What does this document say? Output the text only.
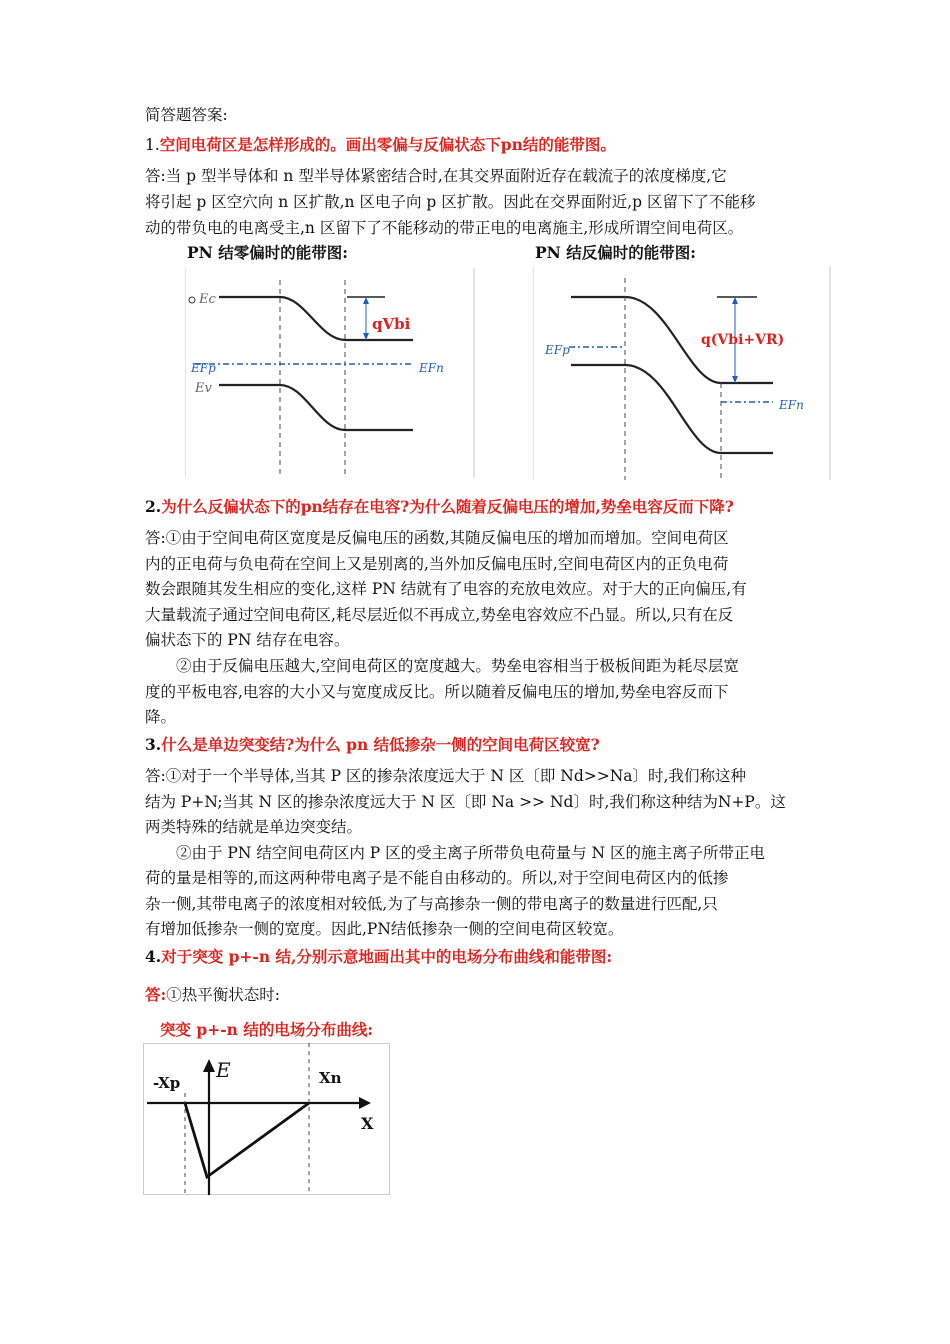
简答题答案:
1.空间电荷区是怎样形成的。画出零偏与反偏状态下pn结的能带图。
答:当 p 型半导体和 n 型半导体紧密结合时,在其交界面附近存在载流子的浓度梯度,它
将引起 p 区空穴向 n 区扩散,n 区电子向 p 区扩散。因此在交界面附近,p 区留下了不能移
动的带负电的电离受主,n 区留下了不能移动的带正电的电离施主,形成所谓空间电荷区。
PN 结零偏时的能带图:	PN 结反偏时的能带图:
Ec
EFp	EFn
Ev
qVbi
EFp
EFn
q(Vbi+VR)
2.为什么反偏状态下的pn结存在电容?为什么随着反偏电压的增加,势垒电容反而下降?
答:①由于空间电荷区宽度是反偏电压的函数,其随反偏电压的增加而增加。空间电荷区
内的正电荷与负电荷在空间上又是别离的,当外加反偏电压时,空间电荷区内的正负电荷
数会跟随其发生相应的变化,这样 PN 结就有了电容的充放电效应。对于大的正向偏压,有
大量载流子通过空间电荷区,耗尽层近似不再成立,势垒电容效应不凸显。所以,只有在反
偏状态下的 PN 结存在电容。
②由于反偏电压越大,空间电荷区的宽度越大。势垒电容相当于极板间距为耗尽层宽
度的平板电容,电容的大小又与宽度成反比。所以随着反偏电压的增加,势垒电容反而下
降。
3.什么是单边突变结?为什么 pn 结低掺杂一侧的空间电荷区较宽?
答:①对于一个半导体,当其 P 区的掺杂浓度远大于 N 区〔即 Nd>>Na〕时,我们称这种
结为 P+N;当其 N 区的掺杂浓度远大于 N 区〔即 Na >> Nd〕时,我们称这种结为N+P。这
两类特殊的结就是单边突变结。
②由于 PN 结空间电荷区内 P 区的受主离子所带负电荷量与 N 区的施主离子所带正电
荷的量是相等的,而这两种带电离子是不能自由移动的。所以,对于空间电荷区内的低掺
杂一侧,其带电离子的浓度相对较低,为了与高掺杂一侧的带电离子的数量进行匹配,只
有增加低掺杂一侧的宽度。因此,PN结低掺杂一侧的空间电荷区较宽。
4.对于突变 p+-n 结,分别示意地画出其中的电场分布曲线和能带图:
答:①热平衡状态时:
突变 p+-n 结的电场分布曲线:
E
-Xp	Xn
X
